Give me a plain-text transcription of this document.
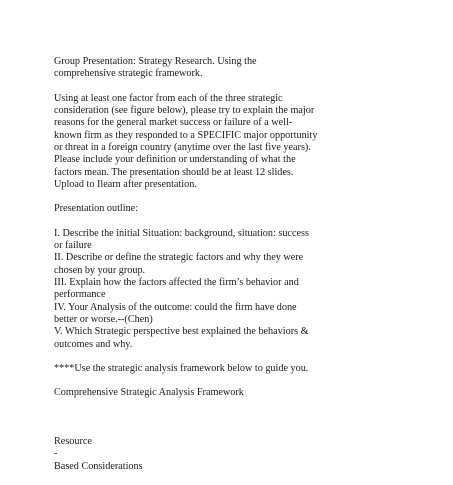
Group Presentation: Strategy Research. Using the
comprehensive strategic framework.

Using at least one factor from each of the three strategic
consideration (see figure below), please try to explain the major
reasons for the general market success or failure of a well-
known firm as they responded to a SPECIFIC major opportunity
or threat in a foreign country (anytime over the last five years).
Please include your definition or understanding of what the
factors mean. The presentation should be at least 12 slides.
Upload to Ilearn after presentation.

Presentation outline:

I. Describe the initial Situation: background, situation: success
or failure
II. Describe or define the strategic factors and why they were
chosen by your group.
III. Explain how the factors affected the firm’s behavior and
performance
IV. Your Analysis of the outcome: could the firm have done
better or worse.--(Chen)
V. Which Strategic perspective best explained the behaviors &
outcomes and why.

****Use the strategic analysis framework below to guide you.

Comprehensive Strategic Analysis Framework

Resource
-
Based Considerations
